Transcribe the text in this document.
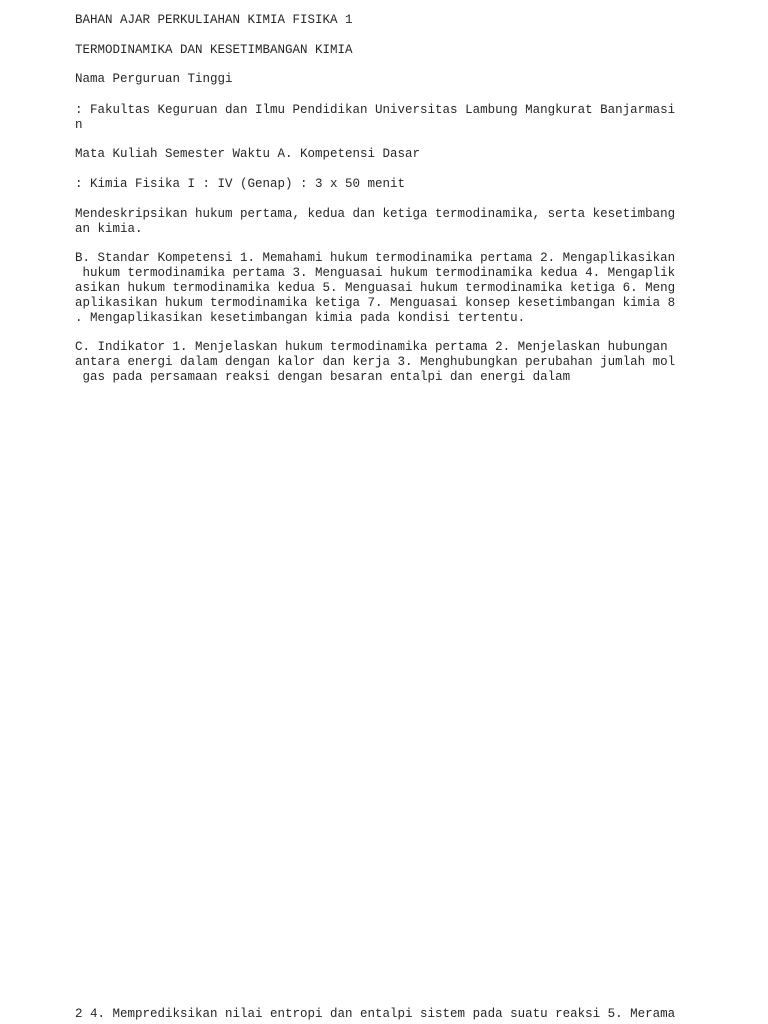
BAHAN AJAR PERKULIAHAN KIMIA FISIKA 1

TERMODINAMIKA DAN KESETIMBANGAN KIMIA

Nama Perguruan Tinggi

: Fakultas Keguruan dan Ilmu Pendidikan Universitas Lambung Mangkurat Banjarmasi
n

Mata Kuliah Semester Waktu A. Kompetensi Dasar

: Kimia Fisika I : IV (Genap) : 3 x 50 menit

Mendeskripsikan hukum pertama, kedua dan ketiga termodinamika, serta kesetimbang
an kimia.

B. Standar Kompetensi 1. Memahami hukum termodinamika pertama 2. Mengaplikasikan
hukum termodinamika pertama 3. Menguasai hukum termodinamika kedua 4. Mengaplik
asikan hukum termodinamika kedua 5. Menguasai hukum termodinamika ketiga 6. Meng
aplikasikan hukum termodinamika ketiga 7. Menguasai konsep kesetimbangan kimia 8
. Mengaplikasikan kesetimbangan kimia pada kondisi tertentu.

C. Indikator 1. Menjelaskan hukum termodinamika pertama 2. Menjelaskan hubungan
antara energi dalam dengan kalor dan kerja 3. Menghubungkan perubahan jumlah mol
gas pada persamaan reaksi dengan besaran entalpi dan energi dalam

2 4. Memprediksikan nilai entropi dan entalpi sistem pada suatu reaksi 5. Merama
